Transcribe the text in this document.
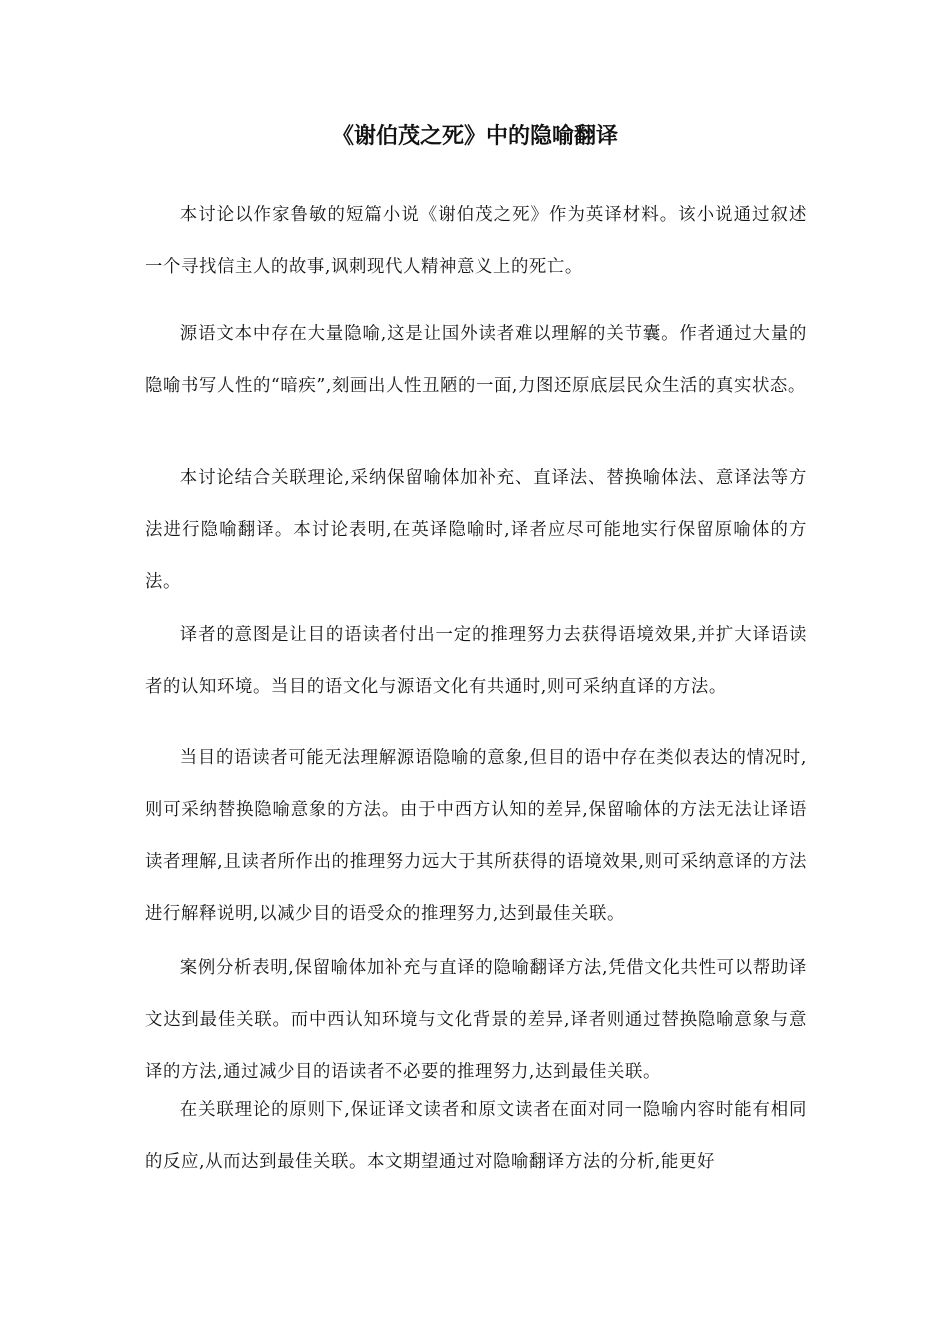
《谢伯茂之死》中的隐喻翻译

本讨论以作家鲁敏的短篇小说《谢伯茂之死》作为英译材料。该小说通过叙述一个寻找信主人的故事,讽刺现代人精神意义上的死亡。

源语文本中存在大量隐喻,这是让国外读者难以理解的关节囊。作者通过大量的隐喻书写人性的“暗疾”,刻画出人性丑陋的一面,力图还原底层民众生活的真实状态。

本讨论结合关联理论,采纳保留喻体加补充、直译法、替换喻体法、意译法等方法进行隐喻翻译。本讨论表明,在英译隐喻时,译者应尽可能地实行保留原喻体的方法。

译者的意图是让目的语读者付出一定的推理努力去获得语境效果,并扩大译语读者的认知环境。当目的语文化与源语文化有共通时,则可采纳直译的方法。

当目的语读者可能无法理解源语隐喻的意象,但目的语中存在类似表达的情况时,则可采纳替换隐喻意象的方法。由于中西方认知的差异,保留喻体的方法无法让译语读者理解,且读者所作出的推理努力远大于其所获得的语境效果,则可采纳意译的方法进行解释说明,以减少目的语受众的推理努力,达到最佳关联。

案例分析表明,保留喻体加补充与直译的隐喻翻译方法,凭借文化共性可以帮助译文达到最佳关联。而中西认知环境与文化背景的差异,译者则通过替换隐喻意象与意译的方法,通过减少目的语读者不必要的推理努力,达到最佳关联。

在关联理论的原则下,保证译文读者和原文读者在面对同一隐喻内容时能有相同的反应,从而达到最佳关联。本文期望通过对隐喻翻译方法的分析,能更好
